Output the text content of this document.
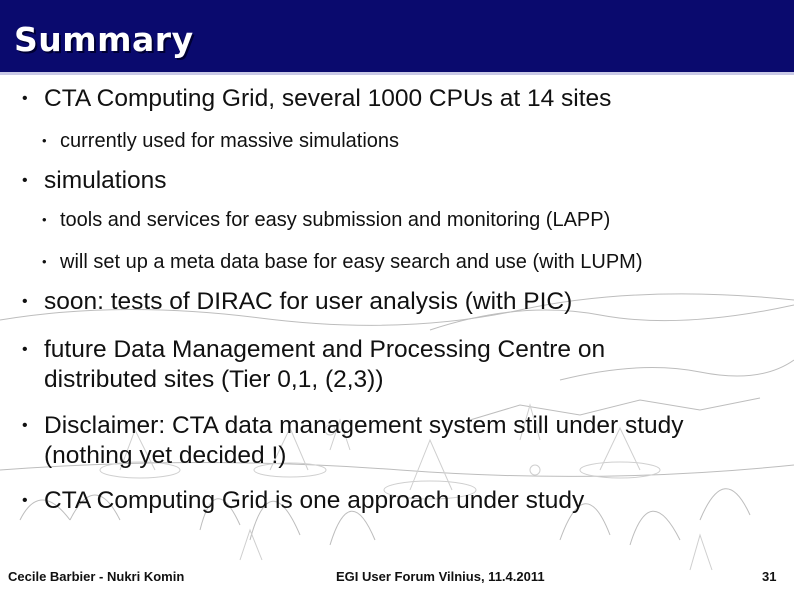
Summary
• CTA Computing Grid, several 1000 CPUs at 14 sites
• currently used for massive simulations
• simulations
• tools and services for easy submission and monitoring (LAPP)
• will set up a meta data base for easy search and use (with LUPM)
• soon: tests of DIRAC for user analysis (with PIC)
• future Data Management and Processing Centre on
distributed sites (Tier 0,1, (2,3))
• Disclaimer: CTA data management system still under study
(nothing yet decided !)
• CTA Computing Grid is one approach under study
Cecile Barbier - Nukri Komin	EGI User Forum Vilnius, 11.4.2011	31
